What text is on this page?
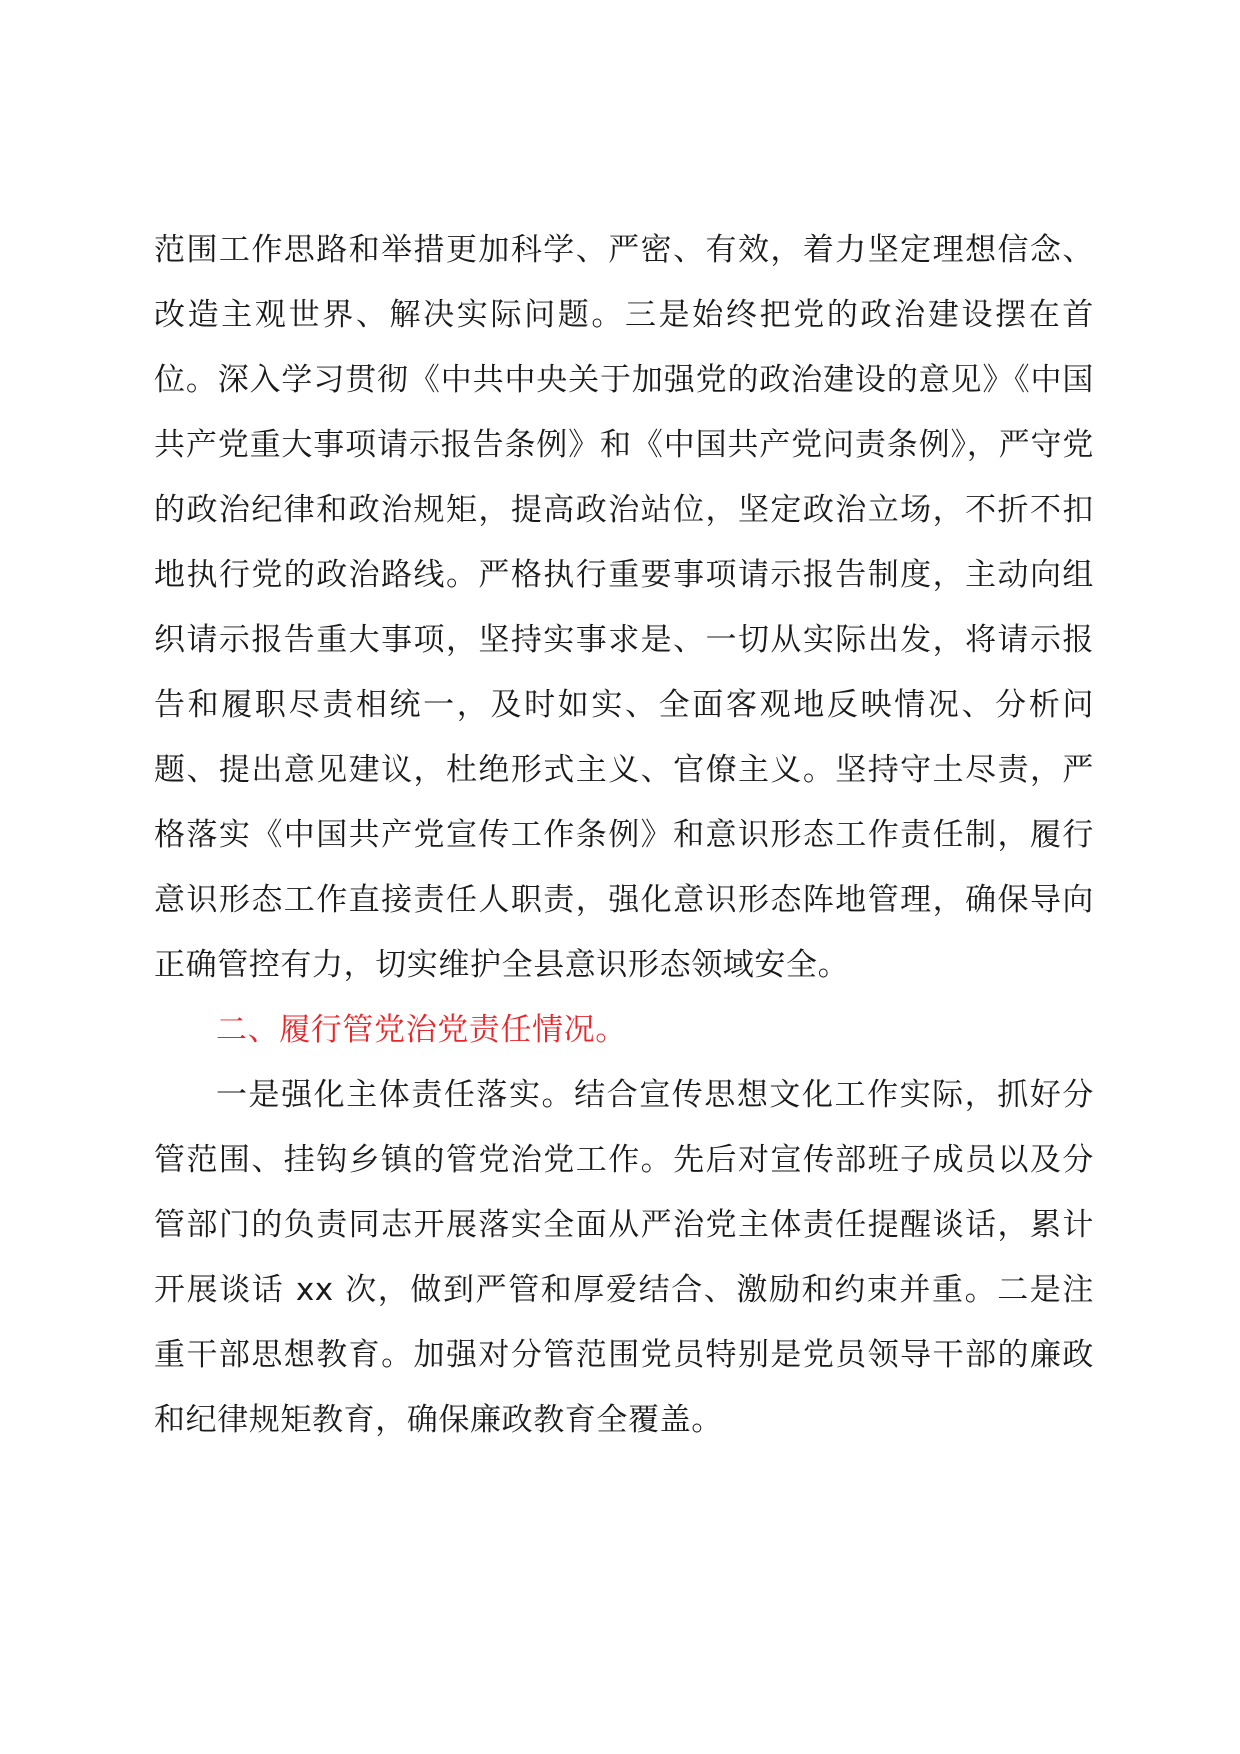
范围工作思路和举措更加科学、严密、有效，着力坚定理想信念、改造主观世界、解决实际问题。三是始终把党的政治建设摆在首位。深入学习贯彻《中共中央关于加强党的政治建设的意见》《中国共产党重大事项请示报告条例》和《中国共产党问责条例》，严守党的政治纪律和政治规矩，提高政治站位，坚定政治立场，不折不扣地执行党的政治路线。严格执行重要事项请示报告制度，主动向组织请示报告重大事项，坚持实事求是、一切从实际出发，将请示报告和履职尽责相统一，及时如实、全面客观地反映情况、分析问题、提出意见建议，杜绝形式主义、官僚主义。坚持守土尽责，严格落实《中国共产党宣传工作条例》和意识形态工作责任制，履行意识形态工作直接责任人职责，强化意识形态阵地管理，确保导向正确管控有力，切实维护全县意识形态领域安全。

二、履行管党治党责任情况。

一是强化主体责任落实。结合宣传思想文化工作实际，抓好分管范围、挂钩乡镇的管党治党工作。先后对宣传部班子成员以及分管部门的负责同志开展落实全面从严治党主体责任提醒谈话，累计开展谈话 xx 次，做到严管和厚爱结合、激励和约束并重。二是注重干部思想教育。加强对分管范围党员特别是党员领导干部的廉政和纪律规矩教育，确保廉政教育全覆盖。
